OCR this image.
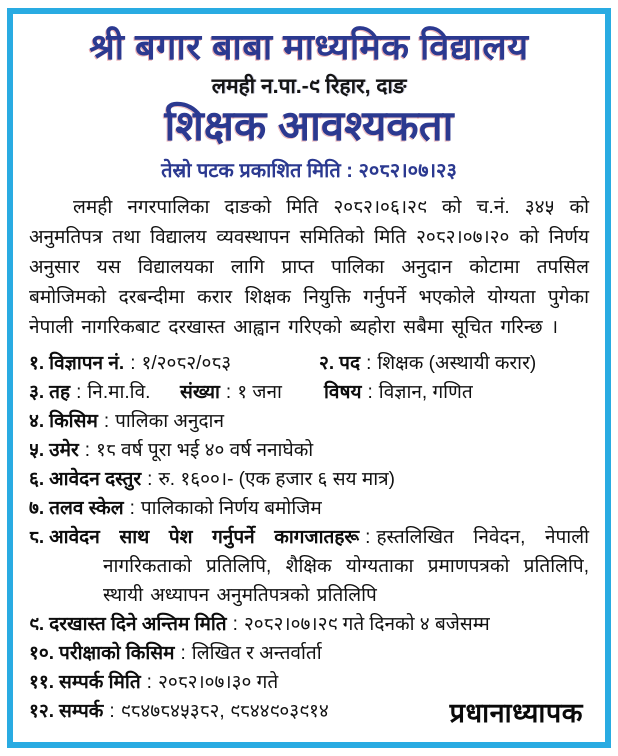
श्री बगार बाबा माध्यमिक विद्यालय
लमही न.पा.-९ रिहार, दाङ
शिक्षक आवश्यकता
तेस्रो पटक प्रकाशित मिति : २०८२।०७।२३

लमही नगरपालिका दाङको मिति २०८२।०६।२९ को च.नं. ३४५ को अनुमतिपत्र तथा विद्यालय व्यवस्थापन समितिको मिति २०८२।०७।२० को निर्णय अनुसार यस विद्यालयका लागि प्राप्त पालिका अनुदान कोटामा तपसिल बमोजिमको दरबन्दीमा करार शिक्षक नियुक्ति गर्नुपर्ने भएकोले योग्यता पुगेका नेपाली नागरिकबाट दरखास्त आह्वान गरिएको ब्यहोरा सबैमा सूचित गरिन्छ ।

१. विज्ञापन नं. : १/२०८२/०८३	२. पद : शिक्षक (अस्थायी करार)
३. तह : नि.मा.वि.	संख्या : १ जना	विषय : विज्ञान, गणित
४. किसिम : पालिका अनुदान
५. उमेर : १८ वर्ष पूरा भई ४० वर्ष ननाघेको
६. आवेदन दस्तुर : रु. १६००।- (एक हजार ६ सय मात्र)
७. तलव स्केल : पालिकाको निर्णय बमोजिम
८. आवेदन साथ पेश गर्नुपर्ने कागजातहरू : हस्तलिखित निवेदन, नेपाली नागरिकताको प्रतिलिपि, शैक्षिक योग्यताका प्रमाणपत्रको प्रतिलिपि, स्थायी अध्यापन अनुमतिपत्रको प्रतिलिपि
९. दरखास्त दिने अन्तिम मिति : २०८२।०७।२९ गते दिनको ४ बजेसम्म
१०. परीक्षाको किसिम : लिखित र अन्तर्वार्ता
११. सम्पर्क मिति : २०८२।०७।३० गते
१२. सम्पर्क : ९८४७८४५३८२, ९८४४९०३९१४	प्रधानाध्यापक
